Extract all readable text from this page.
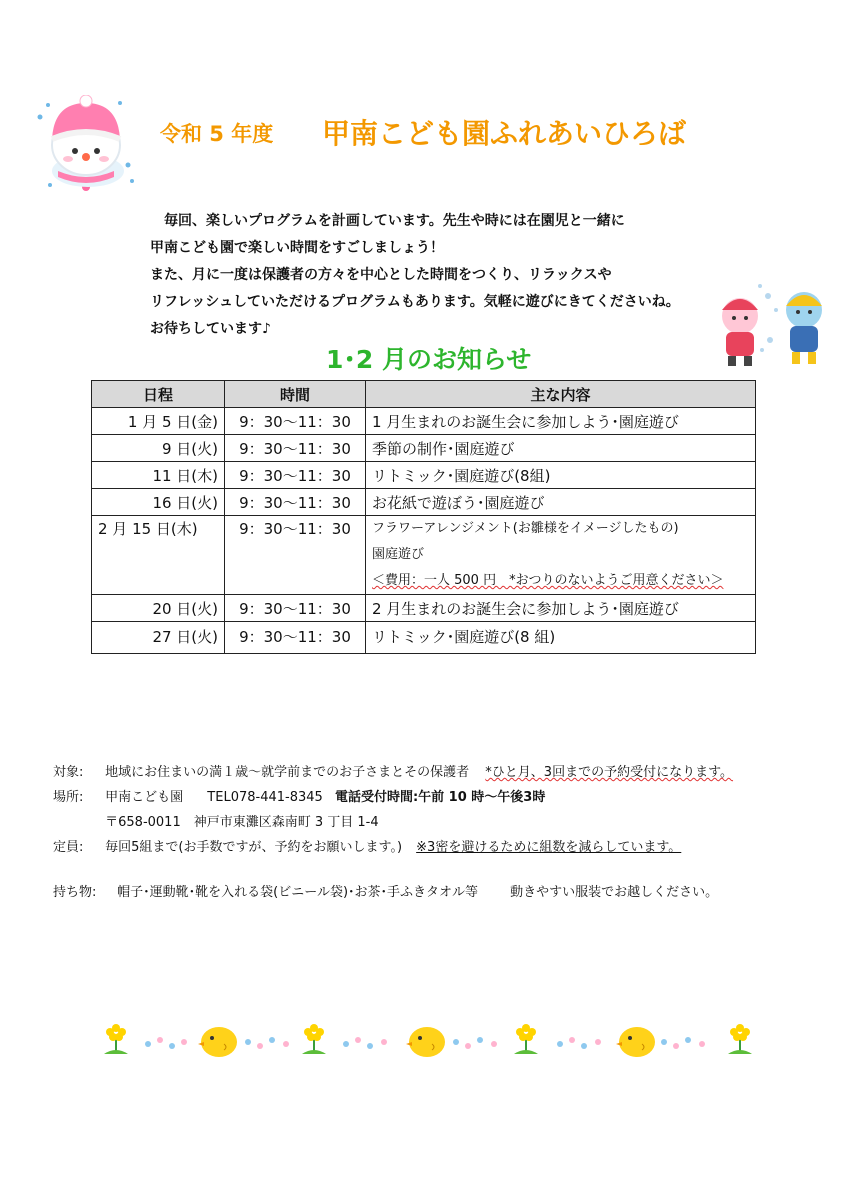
令和 5 年度 甲南こども園ふれあいひろば
　毎回、楽しいプログラムを計画しています。先生や時には在園児と一緒に
甲南こども園で楽しい時間をすごしましょう！
また、月に一度は保護者の方々を中心とした時間をつくり、リラックスや
リフレッシュしていただけるプログラムもあります。気軽に遊びにきてくださいね。
お待ちしています♪
1･2 月のお知らせ
日程	時間	主な内容
1 月 5 日(金)	9：30～11：30	1 月生まれのお誕生会に参加しよう･園庭遊び
9 日(火)	9：30～11：30	季節の制作･園庭遊び
11 日(木)	9：30～11：30	リトミック･園庭遊び(8組)
16 日(火)	9：30～11：30	お花紙で遊ぼう･園庭遊び
2 月 15 日(木)	9：30～11：30	フラワーアレンジメント(お雛様をイメージしたもの)
園庭遊び
＜費用：一人 500 円　*おつりのないようご用意ください＞

20 日(火)	9：30～11：30	2 月生まれのお誕生会に参加しよう･園庭遊び
27 日(火)	9：30～11：30	リトミック･園庭遊び(8 組)
対象: 地域にお住まいの満１歳～就学前までのお子さまとその保護者 *ひと月、3回までの予約受付になります。
場所: 甲南こども園 TEL078-441-8345 電話受付時間:午前 10 時～午後3時
〒658-0011　神戸市東灘区森南町 3 丁目 1-4
定員: 毎回5組まで(お手数ですが、予約をお願いします。) ※3密を避けるために組数を減らしています。
持ち物: 帽子･運動靴･靴を入れる袋(ビニール袋)･お茶･手ふきタオル等 動きやすい服装でお越しください。
